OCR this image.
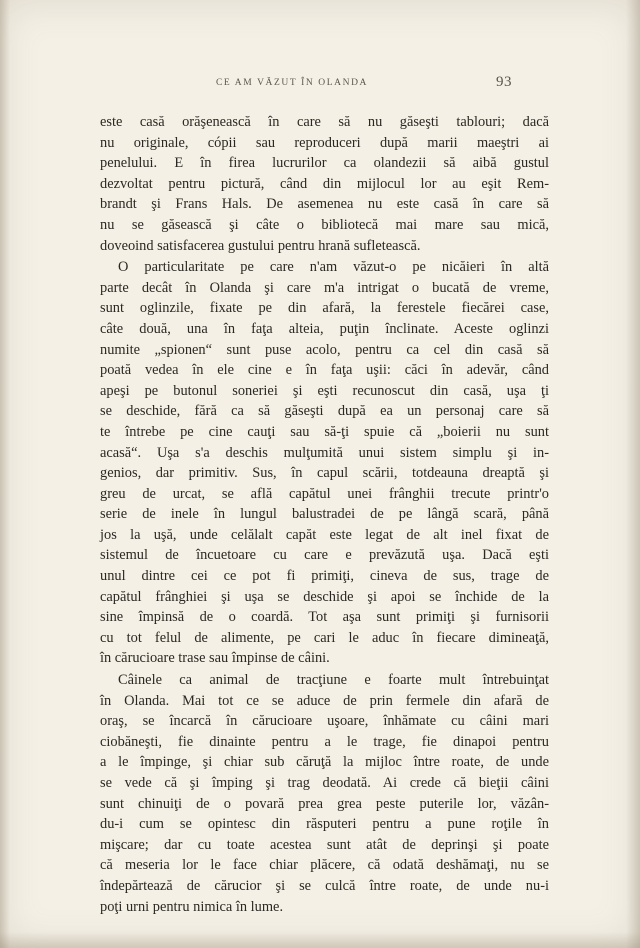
CE AM VĂZUT ÎN OLANDA	93
este casă orăşenească în care să nu găseşti tablouri; dacă
nu originale, cópii sau reproduceri după marii maeştri ai
penelului. E în firea lucrurilor ca olandezii să aibă gustul
dezvoltat pentru pictură, când din mijlocul lor au eşit Rem-
brandt şi Frans Hals. De asemenea nu este casă în care să
nu se găsească şi câte o bibliotecă mai mare sau mică,
doveoind satisfacerea gustului pentru hrană sufletească.
O particularitate pe care n'am văzut-o pe nicăieri în altă
parte decât în Olanda şi care m'a intrigat o bucată de vreme,
sunt oglinzile, fixate pe din afară, la ferestele fiecărei case,
câte două, una în faţa alteia, puţin înclinate. Aceste oglinzi
numite „spionen“ sunt puse acolo, pentru ca cel din casă să
poată vedea în ele cine e în faţa uşii: căci în adevăr, când
apeşi pe butonul soneriei şi eşti recunoscut din casă, uşa ţi
se deschide, fără ca să găseşti după ea un personaj care să
te întrebe pe cine cauţi sau să-ţi spuie că „boierii nu sunt
acasă“. Uşa s'a deschis mulţumită unui sistem simplu şi in-
genios, dar primitiv. Sus, în capul scării, totdeauna dreaptă şi
greu de urcat, se află capătul unei frânghii trecute printr'o
serie de inele în lungul balustradei de pe lângă scară, până
jos la uşă, unde celălalt capăt este legat de alt inel fixat de
sistemul de încuetoare cu care e prevăzută uşa. Dacă eşti
unul dintre cei ce pot fi primiţi, cineva de sus, trage de
capătul frânghiei şi uşa se deschide şi apoi se închide de la
sine împinsă de o coardă. Tot aşa sunt primiţi şi furnisorii
cu tot felul de alimente, pe cari le aduc în fiecare dimineaţă,
în cărucioare trase sau împinse de câini.
Câinele ca animal de tracţiune e foarte mult întrebuinţat
în Olanda. Mai tot ce se aduce de prin fermele din afară de
oraş, se încarcă în cărucioare uşoare, înhămate cu câini mari
ciobăneşti, fie dinainte pentru a le trage, fie dinapoi pentru
a le împinge, şi chiar sub căruţă la mijloc între roate, de unde
se vede că şi împing şi trag deodată. Ai crede că bieţii câini
sunt chinuiţi de o povară prea grea peste puterile lor, văzân-
du-i cum se opintesc din răsputeri pentru a pune roţile în
mişcare; dar cu toate acestea sunt atât de deprinşi şi poate
că meseria lor le face chiar plăcere, că odată deshămaţi, nu se
îndepărtează de cărucior şi se culcă între roate, de unde nu-i
poţi urni pentru nimica în lume.
